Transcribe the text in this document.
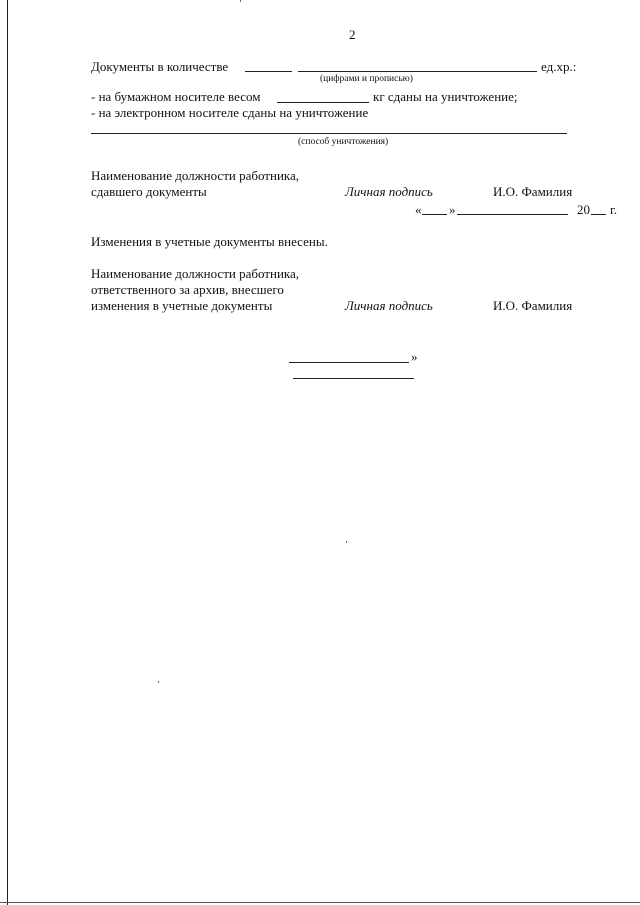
2
Документы в количестве	ед.хр.:
(цифрами и прописью)
- на бумажном носителе весом	кг сданы на уничтожение;
- на электронном носителе сданы на уничтожение
(способ уничтожения)
Наименование должности работника,
сдавшего документы	Личная подпись	И.О. Фамилия
« »	20 г.
Изменения в учетные документы внесены.
Наименование должности работника,
ответственного за архив, внесшего
изменения в учетные документы	Личная подпись	И.О. Фамилия
»
